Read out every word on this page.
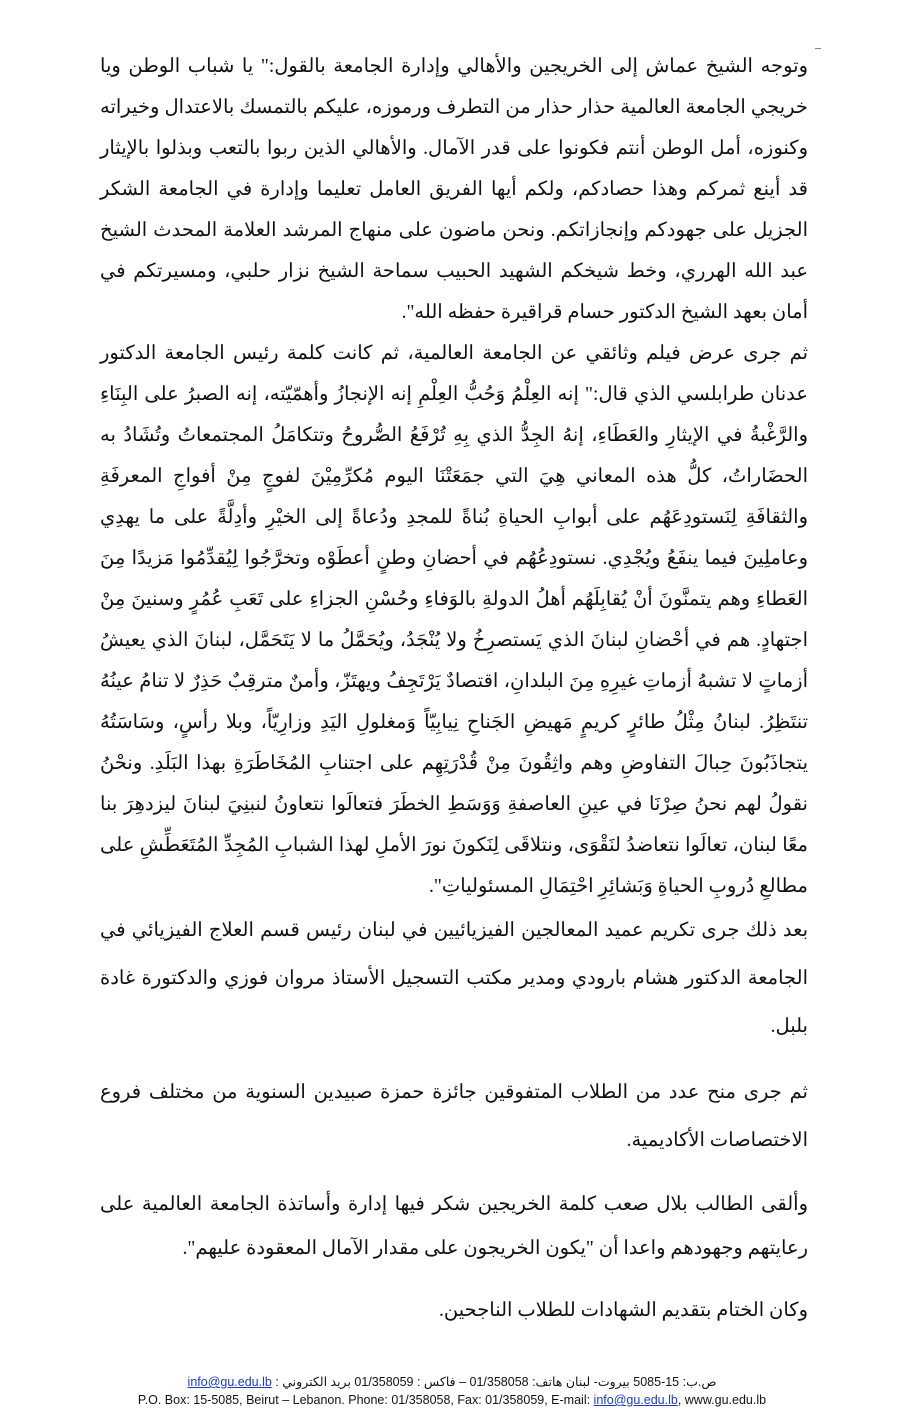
وتوجه الشيخ عماش إلى الخريجين والأهالي وإدارة الجامعة بالقول:" يا شباب الوطن ويا خريجي الجامعة العالمية حذار حذار من التطرف ورموزه، عليكم بالتمسك بالاعتدال وخيراته وكنوزه، أمل الوطن أنتم فكونوا على قدر الآمال. والأهالي الذين ربوا بالتعب وبذلوا بالإيثار قد أينع ثمركم وهذا حصادكم، ولكم أيها الفريق العامل تعليما وإدارة في الجامعة الشكر الجزيل على جهودكم وإنجازاتكم. ونحن ماضون على منهاج المرشد العلامة المحدث الشيخ عبد الله الهرري، وخط شيخكم الشهيد الحبيب سماحة الشيخ نزار حلبي، ومسيرتكم في أمان بعهد الشيخ الدكتور حسام قراقيرة حفظه الله".

ثم جرى عرض فيلم وثائقي عن الجامعة العالمية، ثم كانت كلمة رئيس الجامعة الدكتور عدنان طرابلسي الذي قال:" إنه العِلْمُ وَحُبُّ العِلْمِ إنه الإنجازُ وأهمّيّته، إنه الصبرُ على البِنَاءِ والرَّغْبةُ في الإيثارِ والعَطَاءِ، إنهُ الجِدُّ الذي بِهِ تُرْفَعُ الصُّروحُ وتتكامَلُ المجتمعاتُ وتُشَادُ به الحضَاراتُ، كلُّ هذه المعاني هِيَ التي جمَعَتْنَا اليوم مُكرِّمِيْنَ لفوجٍ مِنْ أفواجِ المعرفَةِ والثقافَةِ لِنَستودِعَهُم على أبوابِ الحياةِ بُناةً للمجدِ ودُعاةً إلى الخيْرِ وأدِلَّةً على ما يهدِي وعاملِينَ فيما ينفَعُ ويُجْدِي. نستودِعُهُم في أحضانِ وطنٍ أعطَوْه وتخرَّجُوا لِيُقدِّمُوا مَزيدًا مِنَ العَطاءِ وهم يتمنَّونَ أنْ يُقابِلَهُم أهلُ الدولةِ بالوَفاءِ وحُسْنِ الجزاءِ على تَعَبِ عُمُرٍ وسنينَ مِنْ اجتهادٍ. هم في أحْضانِ لبنانَ الذي يَستصرِخُ ولا يُنْجَدُ، ويُحَمَّلُ ما لا يَتَحَمَّل، لبنانَ الذي يعيشُ أزماتٍ لا تشبهُ أزماتِ غيرِهِ مِنَ البلدانِ، اقتصادٌ يَرْتَجِفُ ويهتَزّ، وأمنٌ مترقِبٌ حَذِرٌ لا تنامُ عينُهُ تنتَظِرُ. لبنانُ مِثْلُ طائرٍ كريمٍ مَهيضِ الجَناحِ نِيابِيّاً وَمغلولِ اليَدِ وزارِيّاً، وبلا رأسٍ، وسَاسَتُهُ يتجاذَبُونَ حِبالَ التفاوضِ وهم واثِقُونَ مِنْ قُدْرَتِهِم على اجتنابِ المُخَاطَرَةِ بهذا البَلَدِ. ونحْنُ نقولُ لهم نحنُ صِرْنَا في عينِ العاصفةِ وَوَسَطِ الخطَرَ فتعالَوا نتعاونُ لنبنِيَ لبنانَ ليزدهِرَ بنا معًا لبنان، تعالَوا نتعاضدُ لنَقْوَى، ونتلاقَى لِنَكونَ نورَ الأملِ لهذا الشبابِ المُجِدِّ المُتَعَطِّشِ على مطالعِ دُروبِ الحياةِ وَبَشائِرِ احْتِمَالِ المسئولياتِ".

بعد ذلك جرى تكريم عميد المعالجين الفيزيائيين في لبنان رئيس قسم العلاج الفيزيائي في الجامعة الدكتور هشام بارودي ومدير مكتب التسجيل الأستاذ مروان فوزي والدكتورة غادة بلبل.

ثم جرى منح عدد من الطلاب المتفوقين جائزة حمزة صبيدين السنوية من مختلف فروع الاختصاصات الأكاديمية.

وألقى الطالب بلال صعب كلمة الخريجين شكر فيها إدارة وأساتذة الجامعة العالمية على رعايتهم وجهودهم واعدا أن "يكون الخريجون على مقدار الآمال المعقودة عليهم".

وكان الختام بتقديم الشهادات للطلاب الناجحين.

ص.ب: 15-5085 بيروت- لبنان هاتف: 01/358058 – فاكس : 01/358059 بريد الكتروني : info@gu.edu.lb
P.O. Box: 15-5085, Beirut – Lebanon. Phone: 01/358058, Fax: 01/358059, E-mail: info@gu.edu.lb, www.gu.edu.lb
